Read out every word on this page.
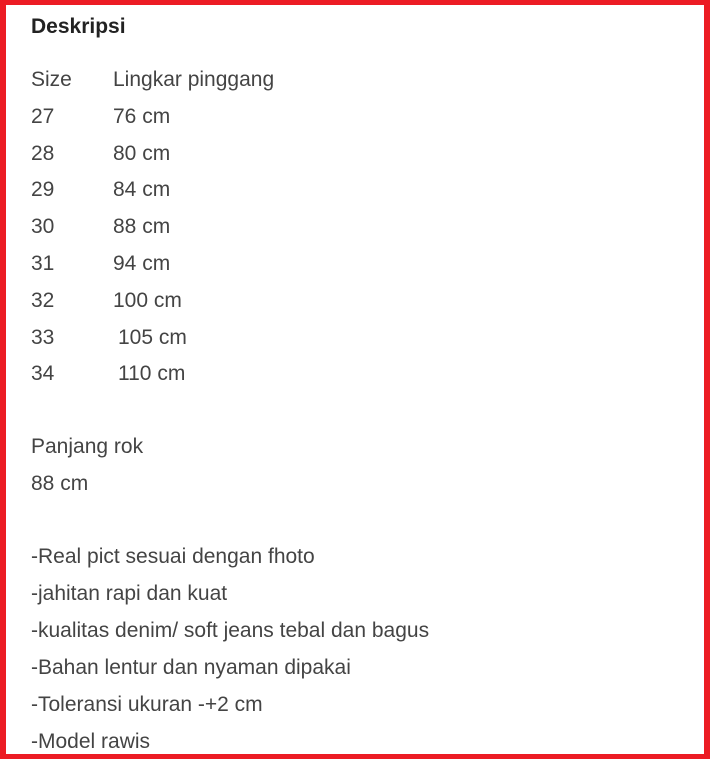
Deskripsi
Size Lingkar pinggang
27	76 cm
28	80 cm
29	84 cm
30	88 cm
31	94 cm
32	100 cm
33	105 cm
34	110 cm
Panjang rok
88 cm
-Real pict sesuai dengan fhoto
-jahitan rapi dan kuat
-kualitas denim/ soft jeans tebal dan bagus
-Bahan lentur dan nyaman dipakai
-Toleransi ukuran -+2 cm
-Model rawis
